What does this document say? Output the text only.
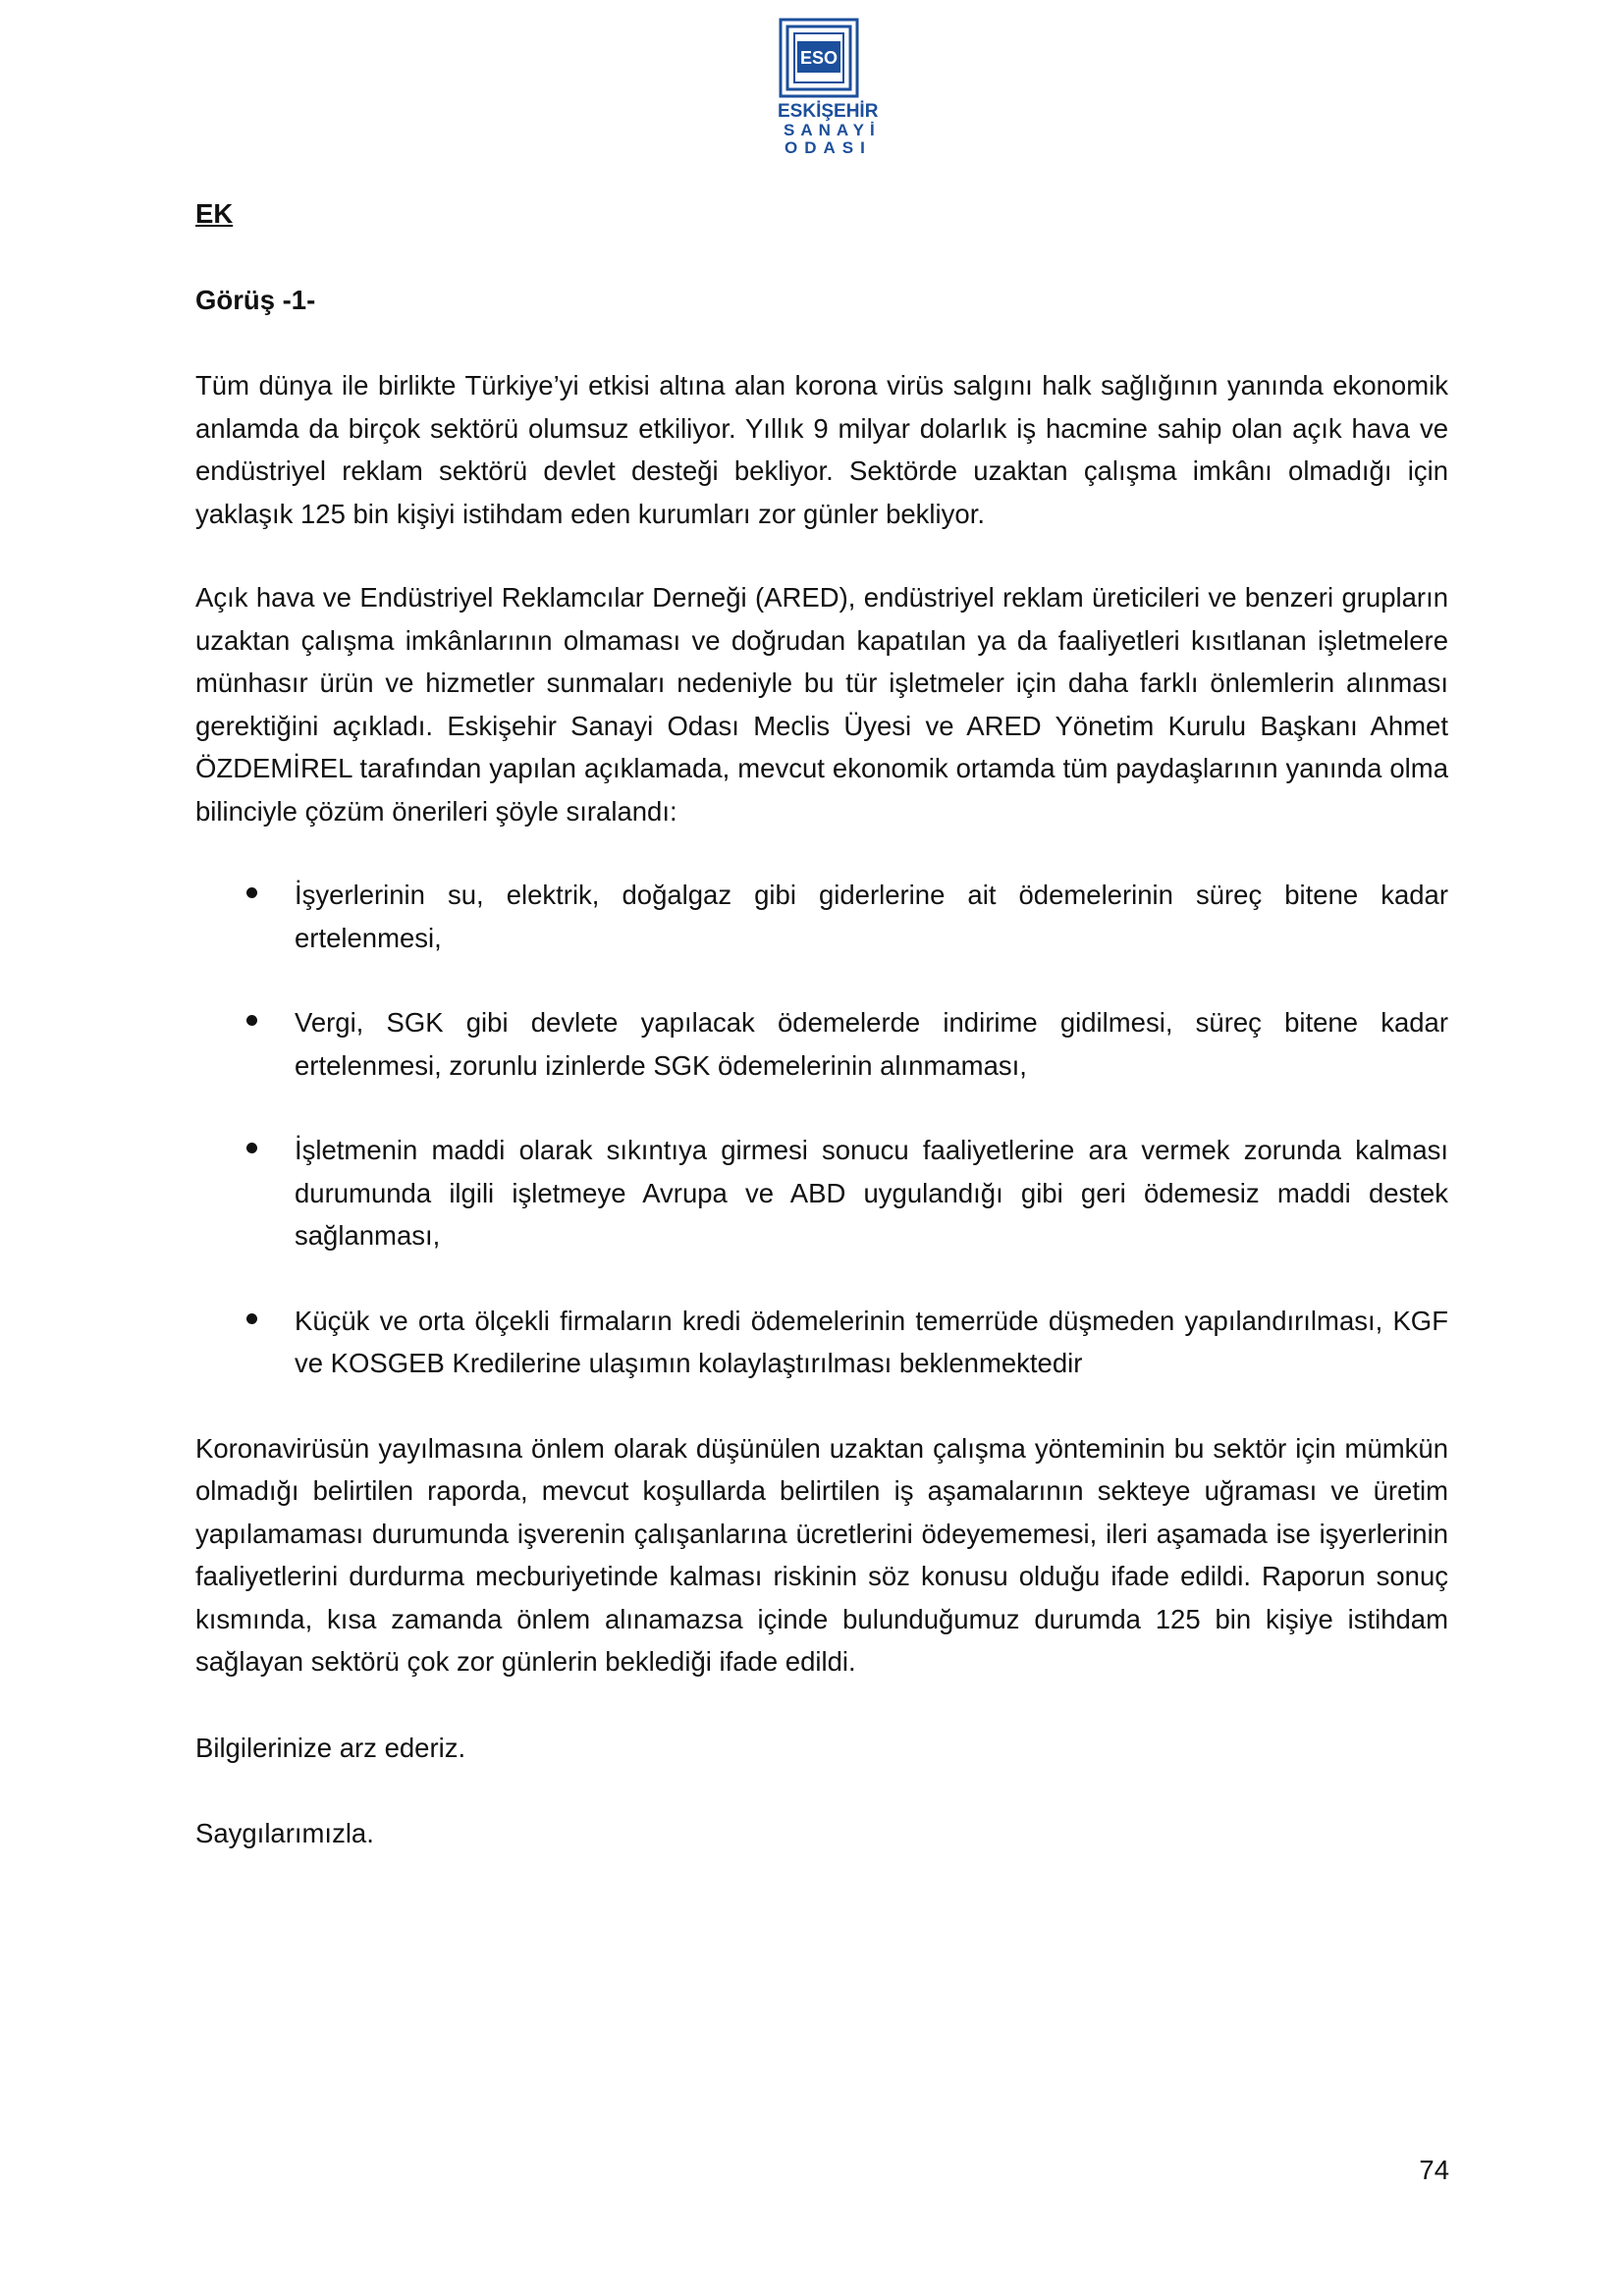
ESO
ESKİŞEHİR
SANAYİ
ODASI

EK

Görüş -1-

Tüm dünya ile birlikte Türkiye’yi etkisi altına alan korona virüs salgını halk sağlığının yanında ekonomik anlamda da birçok sektörü olumsuz etkiliyor. Yıllık 9 milyar dolarlık iş hacmine sahip olan açık hava ve endüstriyel reklam sektörü devlet desteği bekliyor. Sektörde uzaktan çalışma imkânı olmadığı için yaklaşık 125 bin kişiyi istihdam eden kurumları zor günler bekliyor.

Açık hava ve Endüstriyel Reklamcılar Derneği (ARED), endüstriyel reklam üreticileri ve benzeri grupların uzaktan çalışma imkânlarının olmaması ve doğrudan kapatılan ya da faaliyetleri kısıtlanan işletmelere münhasır ürün ve hizmetler sunmaları nedeniyle bu tür işletmeler için daha farklı önlemlerin alınması gerektiğini açıkladı. Eskişehir Sanayi Odası Meclis Üyesi ve ARED Yönetim Kurulu Başkanı Ahmet ÖZDEMİREL tarafından yapılan açıklamada, mevcut ekonomik ortamda tüm paydaşlarının yanında olma bilinciyle çözüm önerileri şöyle sıralandı:

İşyerlerinin su, elektrik, doğalgaz gibi giderlerine ait ödemelerinin süreç bitene kadar ertelenmesi,
Vergi, SGK gibi devlete yapılacak ödemelerde indirime gidilmesi, süreç bitene kadar ertelenmesi, zorunlu izinlerde SGK ödemelerinin alınmaması,
İşletmenin maddi olarak sıkıntıya girmesi sonucu faaliyetlerine ara vermek zorunda kalması durumunda ilgili işletmeye Avrupa ve ABD uygulandığı gibi geri ödemesiz maddi destek sağlanması,
Küçük ve orta ölçekli firmaların kredi ödemelerinin temerrüde düşmeden yapılandırılması, KGF ve KOSGEB Kredilerine ulaşımın kolaylaştırılması beklenmektedir

Koronavirüsün yayılmasına önlem olarak düşünülen uzaktan çalışma yönteminin bu sektör için mümkün olmadığı belirtilen raporda, mevcut koşullarda belirtilen iş aşamalarının sekteye uğraması ve üretim yapılamaması durumunda işverenin çalışanlarına ücretlerini ödeyememesi, ileri aşamada ise işyerlerinin faaliyetlerini durdurma mecburiyetinde kalması riskinin söz konusu olduğu ifade edildi. Raporun sonuç kısmında, kısa zamanda önlem alınamazsa içinde bulunduğumuz durumda 125 bin kişiye istihdam sağlayan sektörü çok zor günlerin beklediği ifade edildi.

Bilgilerinize arz ederiz.

Saygılarımızla.

74
